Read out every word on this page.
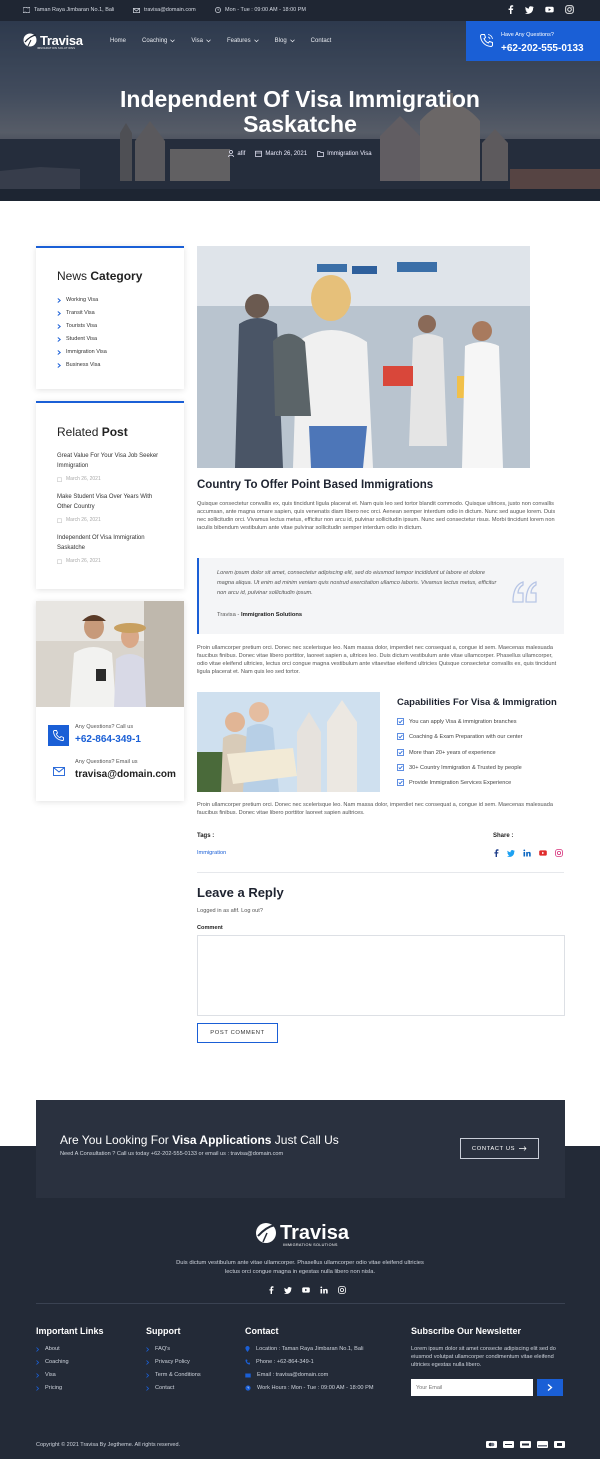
Taman Raya Jimbaran No.1, Bali	travisa@domain.com	Mon - Tue : 09:00 AM - 18:00 PM
Travisa
IMMIGRATION SOLUTIONS
Home	Coaching	Visa	Features	Blog	Contact
Have Any Questions?
+62-202-555-0133
Independent Of Visa Immigration Saskatche
afif	March 26, 2021	Immigration Visa
News Category
Working Visa
Transit Visa
Tourists Visa
Student Visa
Immigration Visa
Business Visa
Related Post
Great Value For Your Visa Job Seeker Immigration
March 26, 2021
Make Student Visa Over Years With Other Country
March 26, 2021
Independent Of Visa Immigration Saskatche
March 26, 2021
Any Questions? Call us
+62-864-349-1
Any Questions? Email us
travisa@domain.com
Country To Offer Point Based Immigrations
Quisque consectetur convallis ex, quis tincidunt ligula placerat et. Nam quis leo sed tortor blandit commodo. Quisque ultrices, justo non convallis accumsan, ante magna ornare sapien, quis venenatis diam libero nec orci. Aenean semper interdum odio in dictum. Nunc sed augue lorem. Duis nec sollicitudin orci. Vivamus lectus metus, efficitur non arcu id, pulvinar sollicitudin ipsum. Nunc sed consectetur risus. Morbi tincidunt lorem non iaculis bibendum vestibulum ante vitae pulvinar sollicitudin semper interdum odio in dictum.
Lorem ipsum dolor sit amet, consectetur adipiscing elit, sed do eiusmod tempor incididunt ut labore et dolore magna aliqua. Ut enim ad minim veniam quis nostrud exercitation ullamco laboris. Vivamus lectus metus, efficitur non arcu id, pulvinar sollicitudin ipsum.
Travisa - Immigration Solutions
Proin ullamcorper pretium orci. Donec nec scelerisque leo. Nam massa dolor, imperdiet nec consequat a, congue id sem. Maecenas malesuada faucibus finibus. Donec vitae libero porttitor, laoreet sapien a, ultrices leo. Duis dictum vestibulum ante vitae ullamcorper. Phasellus ullamcorper, odio vitae eleifend ultricies, lectus orci congue magna vestibulum ante vitaevitae eleifend ultricies Quisque consectetur convallis ex, quis tincidunt ligula placerat et. Nam quis leo sed tortor.
Capabilities For Visa & Immigration
You can apply Visa & immigration branches
Coaching & Exam Preparation with our center
More than 20+ years of experience
30+ Country Immigration & Trusted by people
Provide Immigration Services Experience
Proin ullamcorper pretium orci. Donec nec scelerisque leo. Nam massa dolor, imperdiet nec consequat a, congue id sem. Maecenas malesuada faucibus finibus. Donec vitae libero porttitor laoreet sapien aultrices.
Tags :
Immigration
Share :
Leave a Reply
Logged in as afif. Log out?
Comment
POST COMMENT
Are You Looking For Visa Applications Just Call Us
Need A Consultation ? Call us today +62-202-555-0133 or email us : travisa@domain.com
CONTACT US
Travisa
IMMIGRATION SOLUTIONS
Duis dictum vestibulum ante vitae ullamcorper. Phasellus ullamcorper odio vitae eleifend ultricies lectus orci congue magna in egestas nulla libero non nisla.
Important Links
About
Coaching
Visa
Pricing
Support
FAQ's
Privacy Policy
Term & Conditions
Contact
Contact
Location : Taman Raya Jimbaran No.1, Bali
Phone : +62-864-349-1
Email : travisa@domain.com
Work Hours : Mon - Tue : 09:00 AM - 18:00 PM
Subscribe Our Newsletter
Lorem ipsum dolor sit amet consecte adipiscing elit sed do eiusmod volutpat ullamcorper condimentum vitae eleifend ultricies egestas nulla libero.
Your Email
Copyright © 2021 Travisa By Jegtheme. All rights reserved.
